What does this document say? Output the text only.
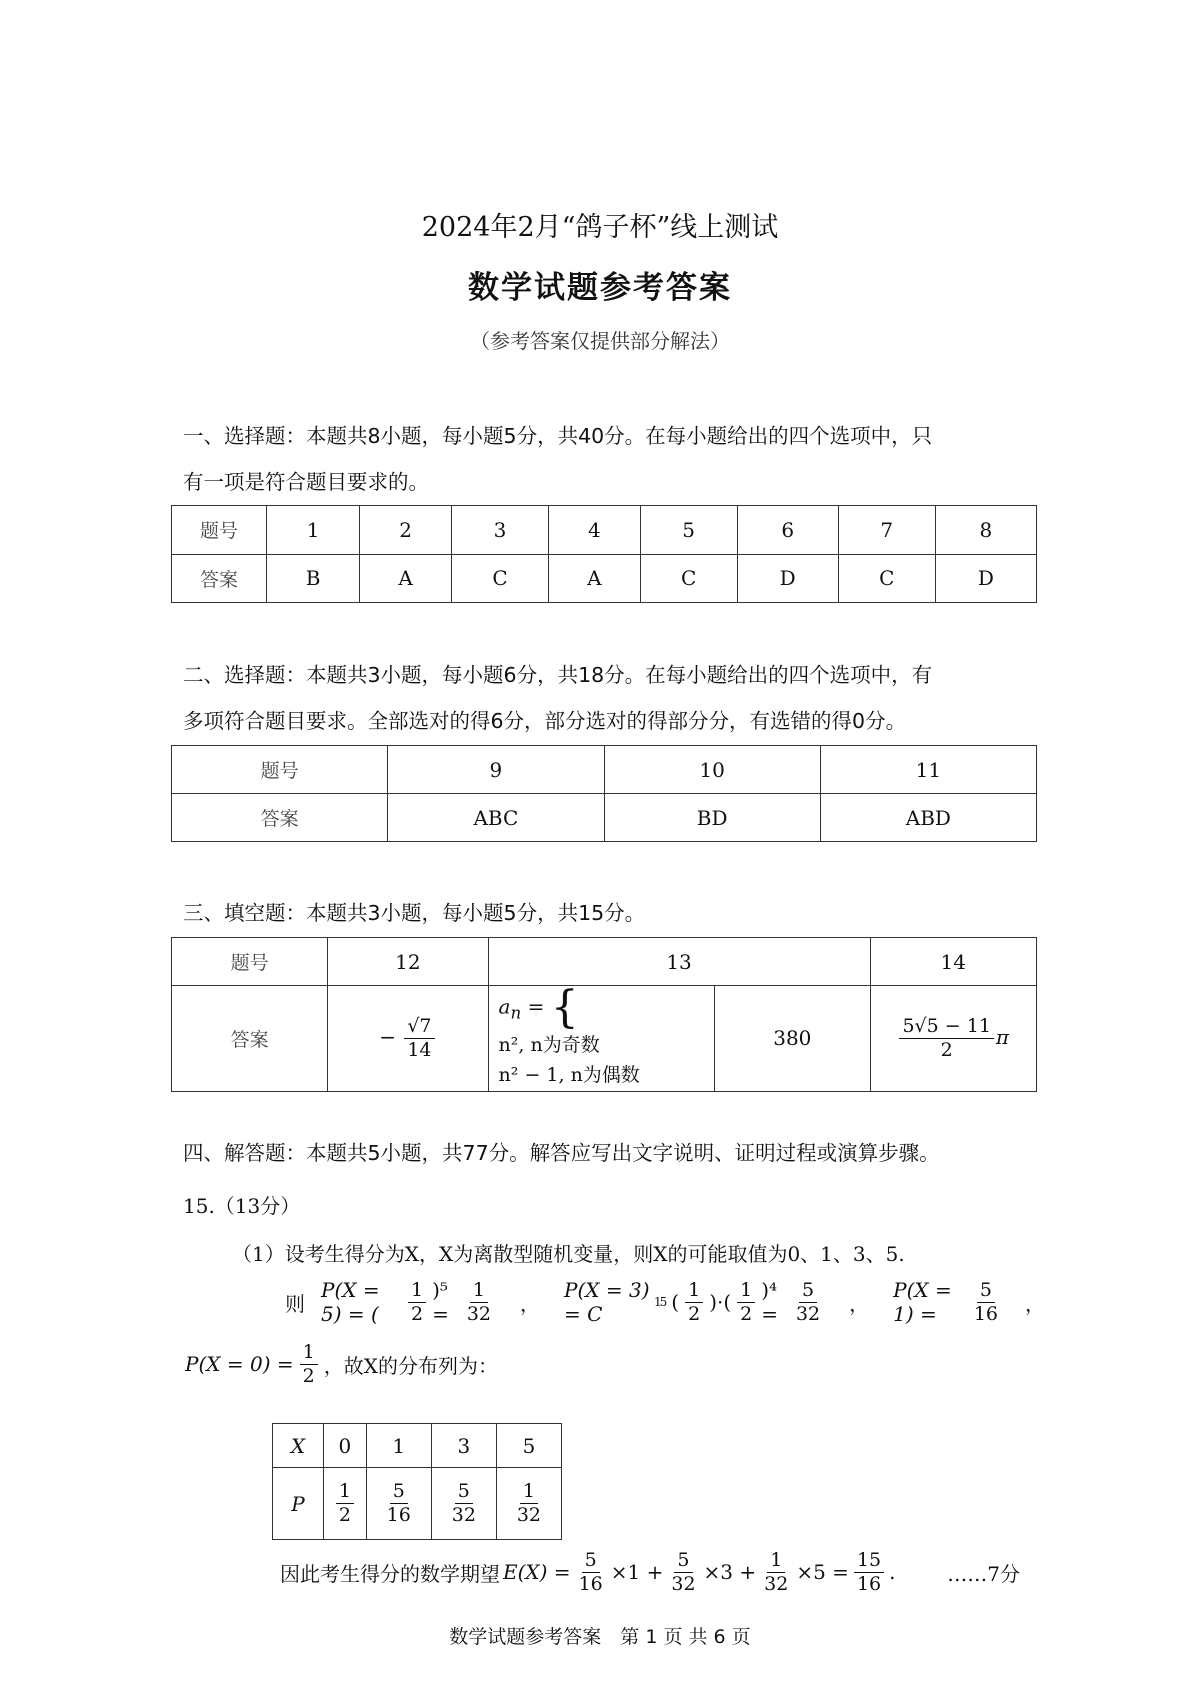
2024年2月“鸽子杯”线上测试
数学试题参考答案
（参考答案仅提供部分解法）
一、选择题：本题共8小题，每小题5分，共40分。在每小题给出的四个选项中，只
有一项是符合题目要求的。
题号	1	2	3	4	5	6	7	8
答案	B	A	C	A	C	D	C	D
二、选择题：本题共3小题，每小题6分，共18分。在每小题给出的四个选项中，有
多项符合题目要求。全部选对的得6分，部分选对的得部分分，有选错的得0分。
题号	9	10	11
答案	ABC	BD	ABD
三、填空题：本题共3小题，每小题5分，共15分。
题号	12	13		14
答案	− $\frac{√7}{14}$	$a_n$ = {
n², n为奇数
n² − 1, n为偶数	380	$\frac{5√5 - 11}{2}$ π
四、解答题：本题共5小题，共77分。解答应写出文字说明、证明过程或演算步骤。
15.（13分）
（1）设考生得分为X，X为离散型随机变量，则X的可能取值为0、1、3、5.
则
P(X = 5) = (	$\frac{1}{2} )^5 = \frac{1}{32}$ ，
P(X = 3) = C	1
5 ( $\frac{1}{2}$ )·( $\frac{1}{2} )^4 = \frac{5}{32}$ ，
P(X = 1) =	$\frac{5}{16}$ ，
$P(X = 0) = \frac{1}{2}$ ，故X的分布列为：
X	0	1	3	5
P	$\frac{1}{2}$	$\frac{5}{16}$	$\frac{5}{32}$	$\frac{1}{32}$
因此考生得分的数学期望 $E(X) = \frac{5}{16} \times 1 + \frac{5}{32} \times 3 + \frac{1}{32} \times 5 = \frac{15}{16}$ .	……7分
数学试题参考答案　第 1 页 共 6 页
